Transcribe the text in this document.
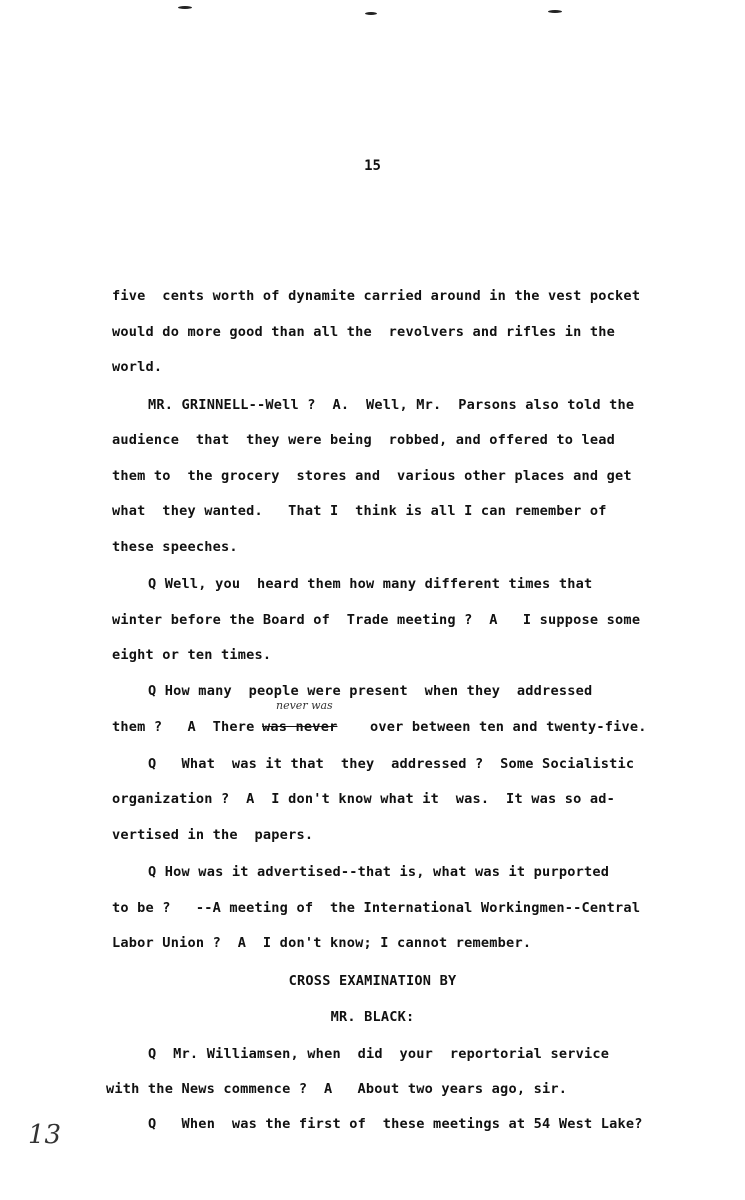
15
five  cents worth of dynamite carried around in the vest pocket
would do more good than all the  revolvers and rifles in the
world.
MR. GRINNELL--Well ?  A.  Well, Mr.  Parsons also told the
audience  that  they were being  robbed, and offered to lead
them to  the grocery  stores and  various other places and get
what  they wanted.   That I  think is all I can remember of
these speeches.
Q Well, you  heard them how many different times that
winter before the Board of  Trade meeting ?  A   I suppose some
eight or ten times.
Q How many  people were present  when they  addressed
them ?   A  There was never
never was
over between ten and twenty-five.
Q   What  was it that  they  addressed ?  Some Socialistic
organization ?  A  I don't know what it  was.  It was so ad-
vertised in the  papers.
Q How was it advertised--that is, what was it purported
to be ?   --A meeting of  the International Workingmen--Central
Labor Union ?  A  I don't know; I cannot remember.
CROSS EXAMINATION BY
MR. BLACK:
Q  Mr. Williamsen, when  did  your  reportorial service
with the News commence ?  A   About two years ago, sir.
Q   When  was the first of  these meetings at 54 West Lake?
13
